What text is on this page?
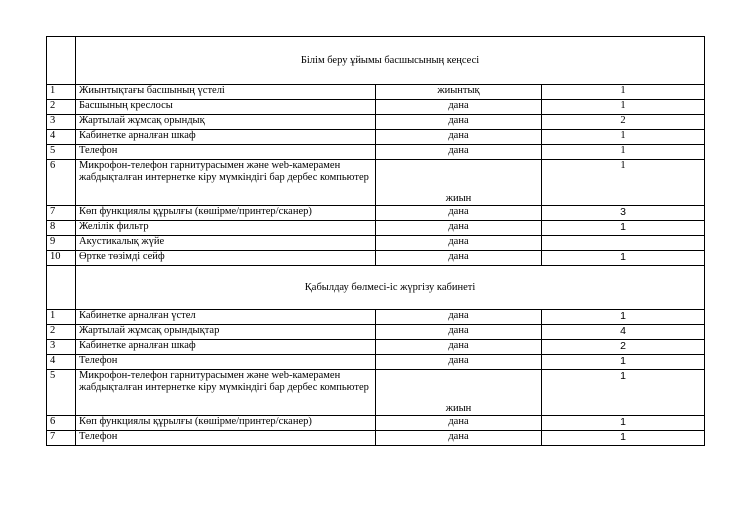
	Білім беру ұйымы басшысының кеңсесі		
1	Жиынтықтағы басшының үстелі	жиынтық	1
2	Басшының креслосы	дана	1
3	Жартылай жұмсақ орындық	дана	2
4	Кабинетке арналған шкаф	дана	1
5	Телефон	дана	1
6	Микрофон-телефон гарнитурасымен және web-камерамен жабдықталған интернетке кіру мүмкіндігі бар дербес компьютер	жиын	1
7	Көп функциялы құрылғы (көшірме/принтер/сканер)	дана	3
8	Желілік фильтр	дана	1
9	Акустикалық жүйе	дана	
10	Өртке төзімді сейф	дана	1
	Қабылдау бөлмесі-іс жүргізу кабинеті		
1	Кабинетке арналған үстел	дана	1
2	Жартылай жұмсақ орындықтар	дана	4
3	Кабинетке арналған шкаф	дана	2
4	Телефон	дана	1
5	Микрофон-телефон гарнитурасымен және web-камерамен жабдықталған интернетке кіру мүмкіндігі бар дербес компьютер	жиын	1
6	Көп функциялы құрылғы (көшірме/принтер/сканер)	дана	1
7	Телефон	дана	1
